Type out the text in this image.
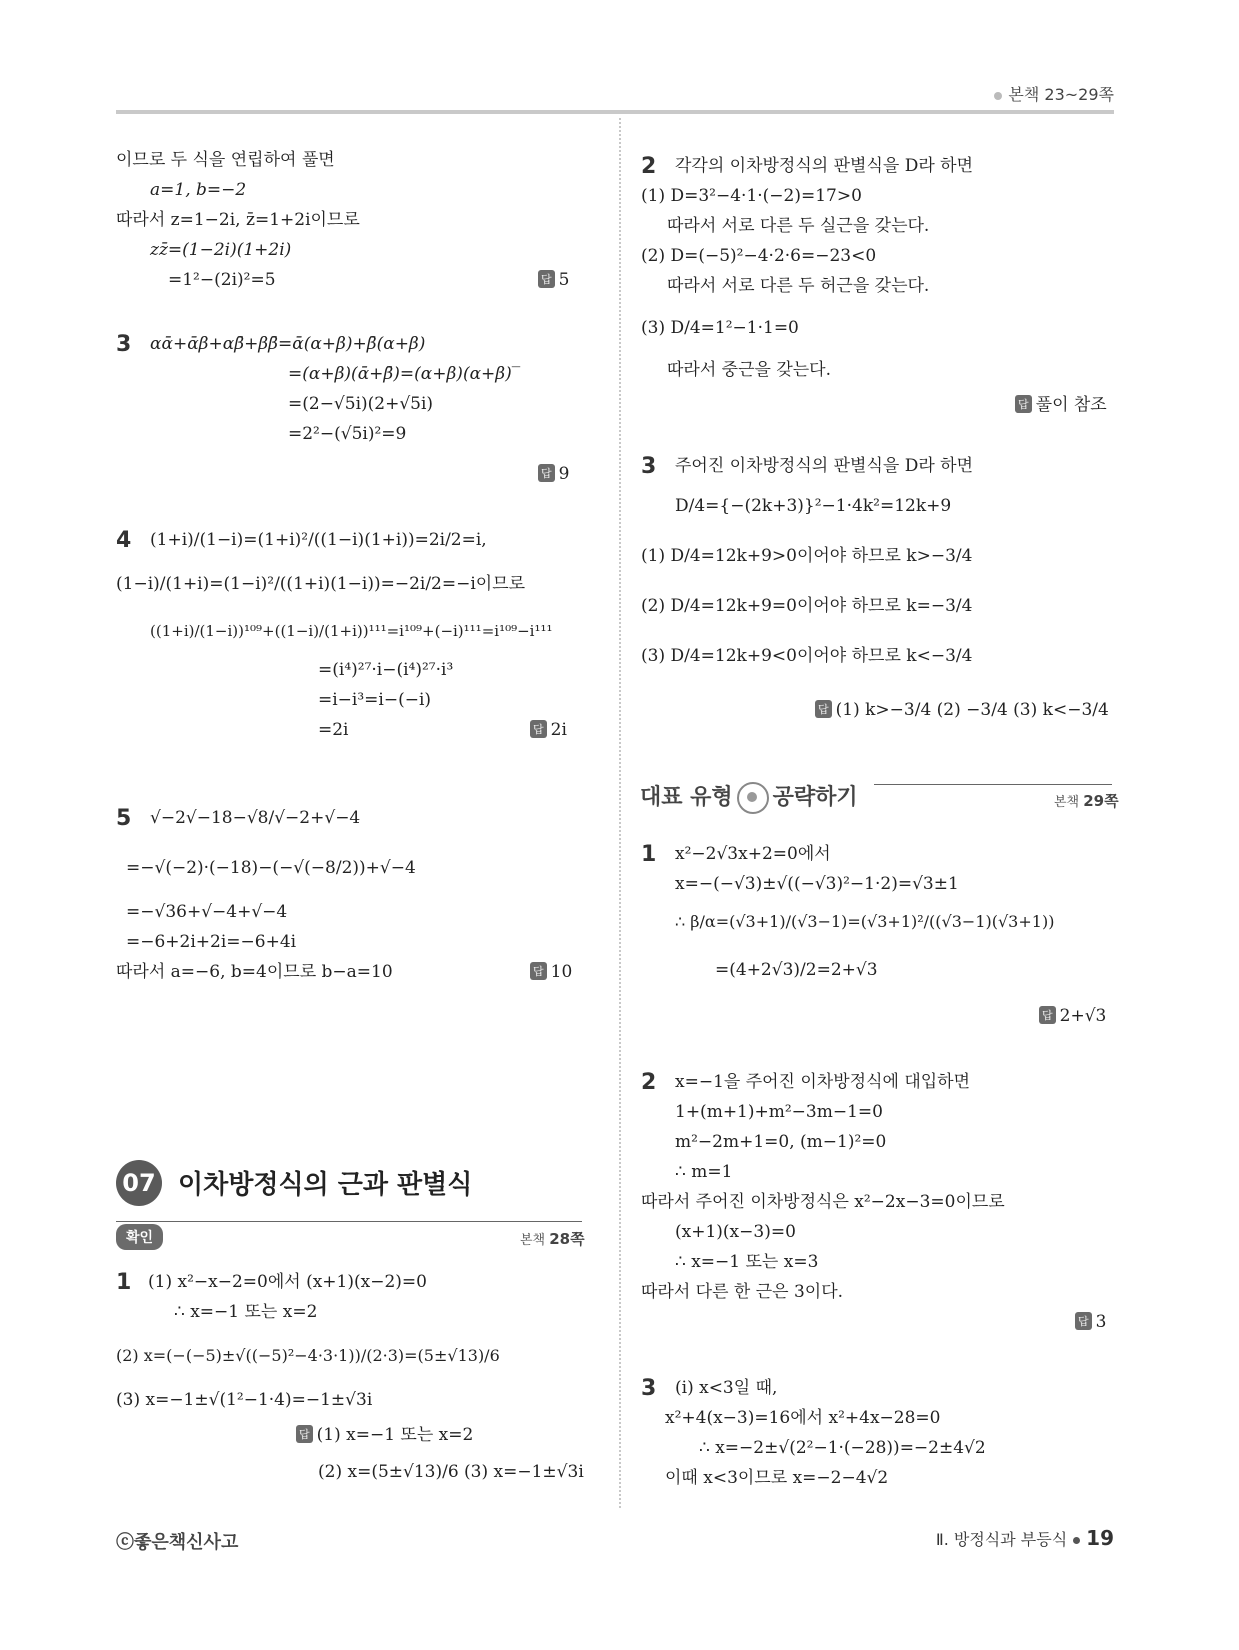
본책 23~29쪽
이므로 두 식을 연립하여 풀면
a=1, b=−2
따라서 z=1−2i, z̄=1+2i이므로
zz̄=(1−2i)(1+2i)
=1²−(2i)²=5	답 5
3 αᾱ+ᾱβ+αβ̄+ββ̄=ᾱ(α+β)+β̄(α+β)
=(α+β)(ᾱ+β̄)=(α+β)(α+β)‾
=(2−√5i)(2+√5i)
=2²−(√5i)²=9
답 9
4 (1+i)/(1−i)=(1+i)²/((1−i)(1+i))=2i/2=i,
(1−i)/(1+i)=(1−i)²/((1+i)(1−i))=−2i/2=−i이므로
((1+i)/(1−i))¹⁰⁹+((1−i)/(1+i))¹¹¹=i¹⁰⁹+(−i)¹¹¹=i¹⁰⁹−i¹¹¹
=(i⁴)²⁷·i−(i⁴)²⁷·i³
=i−i³=i−(−i)
=2i	답 2i
5 √−2√−18−√8/√−2+√−4
=−√(−2)·(−18)−(−√(−8/2))+√−4
=−√36+√−4+√−4
=−6+2i+2i=−6+4i
따라서 a=−6, b=4이므로 b−a=10	답 10
07 이차방정식의 근과 판별식
확인	본책 28쪽
1 (1) x²−x−2=0에서 (x+1)(x−2)=0
∴ x=−1 또는 x=2
(2) x=(−(−5)±√((−5)²−4·3·1))/(2·3)=(5±√13)/6
(3) x=−1±√(1²−1·4)=−1±√3i
답 (1) x=−1 또는 x=2
(2) x=(5±√13)/6 (3) x=−1±√3i
2 각각의 이차방정식의 판별식을 D라 하면
(1) D=3²−4·1·(−2)=17>0
따라서 서로 다른 두 실근을 갖는다.
(2) D=(−5)²−4·2·6=−23<0
따라서 서로 다른 두 허근을 갖는다.
(3) D/4=1²−1·1=0
따라서 중근을 갖는다.
답 풀이 참조
3 주어진 이차방정식의 판별식을 D라 하면
D/4={−(2k+3)}²−1·4k²=12k+9
(1) D/4=12k+9>0이어야 하므로 k>−3/4
(2) D/4=12k+9=0이어야 하므로 k=−3/4
(3) D/4=12k+9<0이어야 하므로 k<−3/4
답 (1) k>−3/4 (2) −3/4 (3) k<−3/4
대표 유형 공략하기	본책 29쪽
1 x²−2√3x+2=0에서
x=−(−√3)±√((−√3)²−1·2)=√3±1
∴ β/α=(√3+1)/(√3−1)=(√3+1)²/((√3−1)(√3+1))
=(4+2√3)/2=2+√3
답 2+√3
2 x=−1을 주어진 이차방정식에 대입하면
1+(m+1)+m²−3m−1=0
m²−2m+1=0, (m−1)²=0
∴ m=1
따라서 주어진 이차방정식은 x²−2x−3=0이므로
(x+1)(x−3)=0
∴ x=−1 또는 x=3
따라서 다른 한 근은 3이다.
답 3
3 (i) x<3일 때,
x²+4(x−3)=16에서 x²+4x−28=0
∴ x=−2±√(2²−1·(−28))=−2±4√2
이때 x<3이므로 x=−2−4√2
ⓒ좋은책신사고	Ⅱ. 방정식과 부등식 19
